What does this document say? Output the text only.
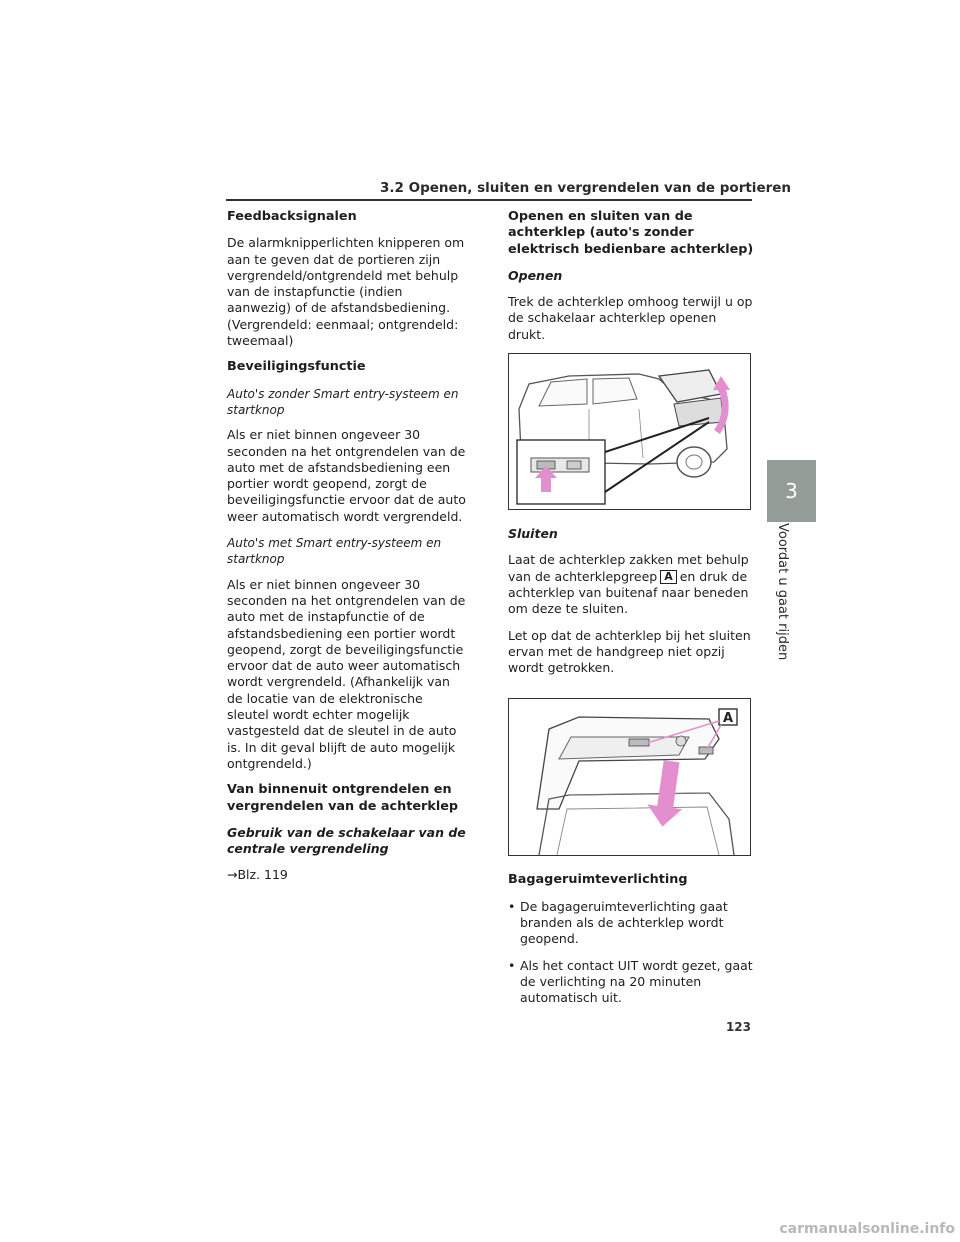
3.2 Openen, sluiten en vergrendelen van de portieren
Feedbacksignalen

De alarmknipperlichten knipperen om aan te geven dat de portieren zijn vergrendeld/ontgrendeld met behulp van de instapfunctie (indien aanwezig) of de afstandsbediening. (Vergrendeld: eenmaal; ontgrendeld: tweemaal)

Beveiligingsfunctie
Auto's zonder Smart entry-systeem en startknop

Als er niet binnen ongeveer 30 seconden na het ontgrendelen van de auto met de afstandsbediening een portier wordt geopend, zorgt de beveiligingsfunctie ervoor dat de auto weer automatisch wordt vergrendeld.

Auto's met Smart entry-systeem en startknop

Als er niet binnen ongeveer 30 seconden na het ontgrendelen van de auto met de instapfunctie of de afstandsbediening een portier wordt geopend, zorgt de beveiligingsfunctie ervoor dat de auto weer automatisch wordt vergrendeld. (Afhankelijk van de locatie van de elektronische sleutel wordt echter mogelijk vastgesteld dat de sleutel in de auto is. In dit geval blijft de auto mogelijk ontgrendeld.)

Van binnenuit ontgrendelen en vergrendelen van de achterklep
Gebruik van de schakelaar van de centrale vergrendeling

→Blz. 119

Openen en sluiten van de achterklep (auto's zonder elektrisch bedienbare achterklep)
Openen

Trek de achterklep omhoog terwijl u op de schakelaar achterklep openen drukt.

Sluiten

Laat de achterklep zakken met behulp van de achterklepgreep A en druk de achterklep van buitenaf naar beneden om deze te sluiten.

Let op dat de achterklep bij het sluiten ervan met de handgreep niet opzij wordt getrokken.

A
Bagageruimteverlichting
• De bagageruimteverlichting gaat branden als de achterklep wordt geopend.
• Als het contact UIT wordt gezet, gaat de verlichting na 20 minuten automatisch uit.
3
Voordat u gaat rijden
123
carmanualsonline.info
